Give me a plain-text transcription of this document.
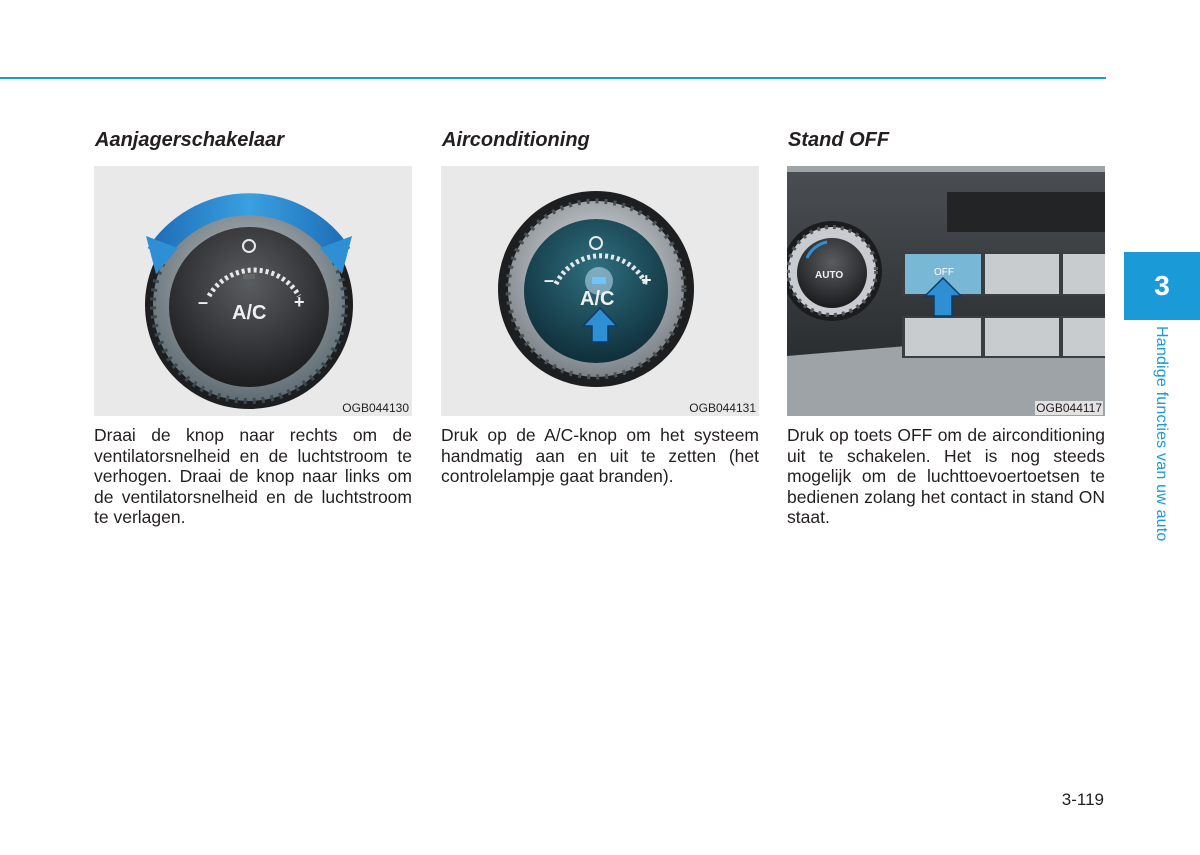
Aanjagerschakelaar
– A/C +
OGB044130
Draai de knop naar rechts om de ventilatorsnelheid en de luchtstroom te verhogen. Draai de knop naar links om de ventilatorsnelheid en de luchtstroom te verlagen.
Airconditioning
–
A/C
+
OGB044131
Druk op de A/C-knop om het systeem handmatig aan en uit te zetten (het controlelampje gaat branden).
Stand OFF
AUTO	OFF
OGB044117
Druk op toets OFF om de airconditioning uit te schakelen. Het is nog steeds mogelijk om de luchttoevoertoetsen te bedienen zolang het contact in stand ON staat.
3
Handige functies van uw auto
3-119
